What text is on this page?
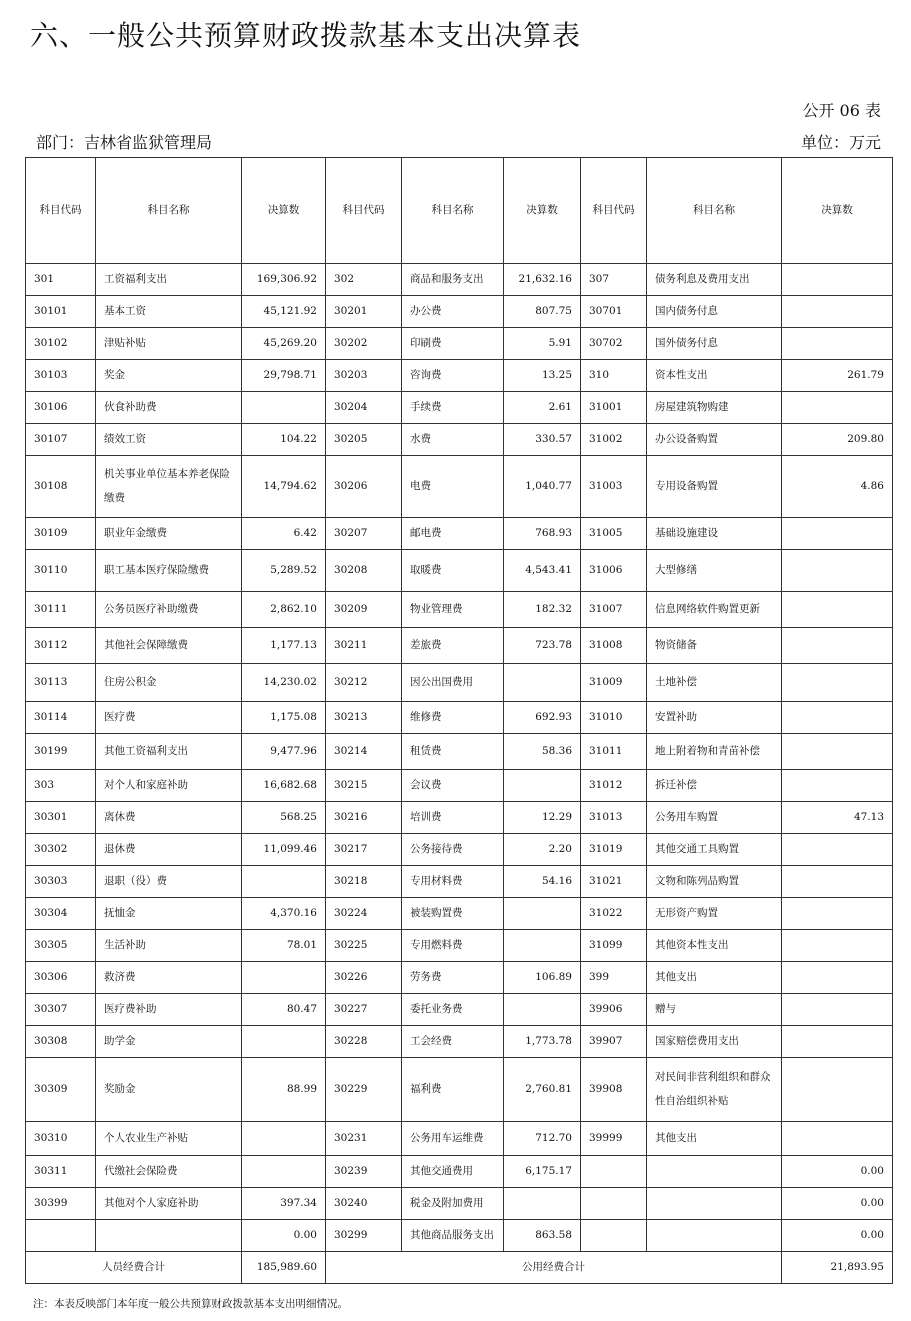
六、一般公共预算财政拨款基本支出决算表
公开 06 表
部门：吉林省监狱管理局	单位：万元
科目代码	科目名称	决算数	科目代码	科目名称	决算数	科目代码	科目名称	决算数
301	工资福利支出	169,306.92	302	商品和服务支出	21,632.16	307	债务利息及费用支出	
30101	基本工资	45,121.92	30201	办公费	807.75	30701	国内债务付息	
30102	津贴补贴	45,269.20	30202	印刷费	5.91	30702	国外债务付息	
30103	奖金	29,798.71	30203	咨询费	13.25	310	资本性支出	261.79
30106	伙食补助费		30204	手续费	2.61	31001	房屋建筑物购建	
30107	绩效工资	104.22	30205	水费	330.57	31002	办公设备购置	209.80
30108	机关事业单位基本养老保险缴费	14,794.62	30206	电费	1,040.77	31003	专用设备购置	4.86
30109	职业年金缴费	6.42	30207	邮电费	768.93	31005	基础设施建设	
30110	职工基本医疗保险缴费	5,289.52	30208	取暖费	4,543.41	31006	大型修缮	
30111	公务员医疗补助缴费	2,862.10	30209	物业管理费	182.32	31007	信息网络软件购置更新	
30112	其他社会保障缴费	1,177.13	30211	差旅费	723.78	31008	物资储备	
30113	住房公积金	14,230.02	30212	因公出国费用		31009	土地补偿	
30114	医疗费	1,175.08	30213	维修费	692.93	31010	安置补助	
30199	其他工资福利支出	9,477.96	30214	租赁费	58.36	31011	地上附着物和青苗补偿	
303	对个人和家庭补助	16,682.68	30215	会议费		31012	拆迁补偿	
30301	离休费	568.25	30216	培训费	12.29	31013	公务用车购置	47.13
30302	退休费	11,099.46	30217	公务接待费	2.20	31019	其他交通工具购置	
30303	退职（役）费		30218	专用材料费	54.16	31021	文物和陈列品购置	
30304	抚恤金	4,370.16	30224	被装购置费		31022	无形资产购置	
30305	生活补助	78.01	30225	专用燃料费		31099	其他资本性支出	
30306	救济费		30226	劳务费	106.89	399	其他支出	
30307	医疗费补助	80.47	30227	委托业务费		39906	赠与	
30308	助学金		30228	工会经费	1,773.78	39907	国家赔偿费用支出	
30309	奖励金	88.99	30229	福利费	2,760.81	39908	对民间非营利组织和群众性自治组织补贴	
30310	个人农业生产补贴		30231	公务用车运维费	712.70	39999	其他支出	
30311	代缴社会保险费		30239	其他交通费用	6,175.17			0.00
30399	其他对个人家庭补助	397.34	30240	税金及附加费用				0.00
		0.00	30299	其他商品服务支出	863.58			0.00
人员经费合计		185,989.60	公用经费合计					21,893.95
注：本表反映部门本年度一般公共预算财政拨款基本支出明细情况。
